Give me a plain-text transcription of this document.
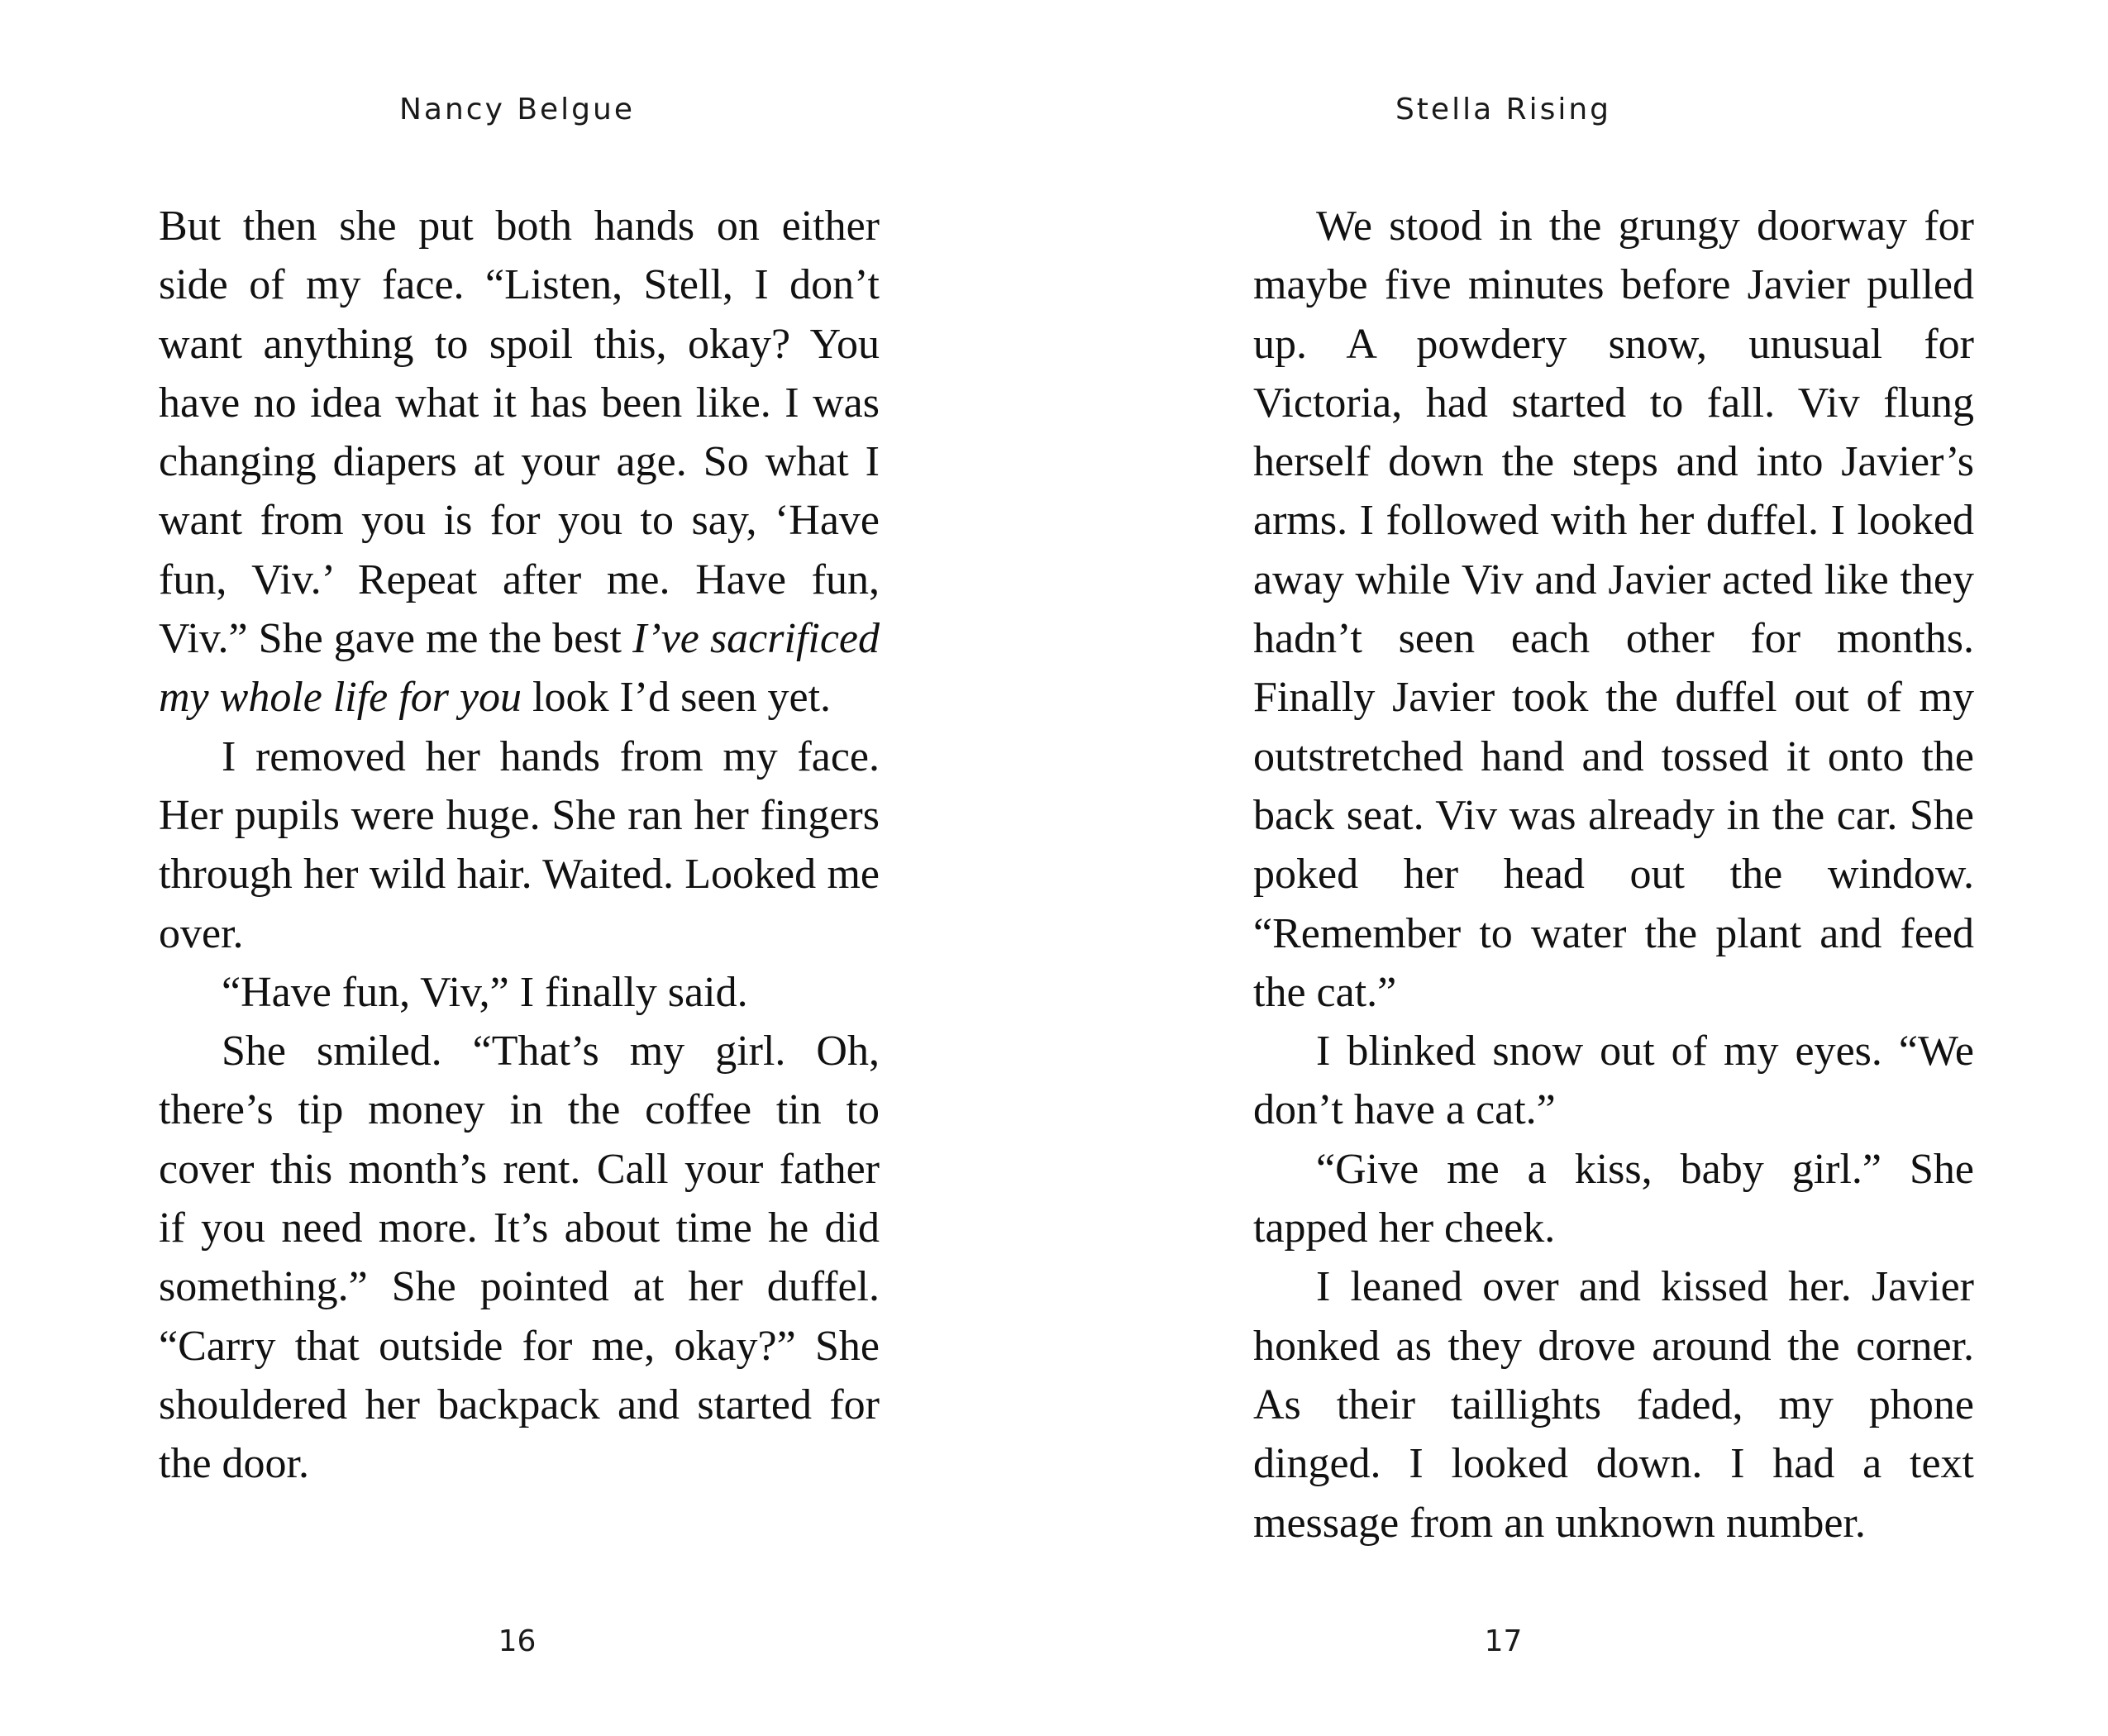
Nancy Belgue

But then she put both hands on either side of my face. “Listen, Stell, I don’t want anything to spoil this, okay? You have no idea what it has been like. I was changing diapers at your age. So what I want from you is for you to say, ‘Have fun, Viv.’ Repeat after me. Have fun, Viv.” She gave me the best I’ve sacrificed my whole life for you look I’d seen yet.

I removed her hands from my face. Her pupils were huge. She ran her fingers through her wild hair. Waited. Looked me over.

“Have fun, Viv,” I finally said.

She smiled. “That’s my girl. Oh, there’s tip money in the coffee tin to cover this month’s rent. Call your father if you need more. It’s about time he did something.” She pointed at her duffel. “Carry that outside for me, okay?” She shouldered her backpack and started for the door.

16
Stella Rising

We stood in the grungy doorway for maybe five minutes before Javier pulled up. A powdery snow, unusual for Victoria, had started to fall. Viv flung herself down the steps and into Javier’s arms. I followed with her duffel. I looked away while Viv and Javier acted like they hadn’t seen each other for months. Finally Javier took the duffel out of my outstretched hand and tossed it onto the back seat. Viv was already in the car. She poked her head out the window. “Remember to water the plant and feed the cat.”

I blinked snow out of my eyes. “We don’t have a cat.”

“Give me a kiss, baby girl.” She tapped her cheek.

I leaned over and kissed her. Javier honked as they drove around the corner. As their taillights faded, my phone dinged. I looked down. I had a text message from an unknown number.

17
